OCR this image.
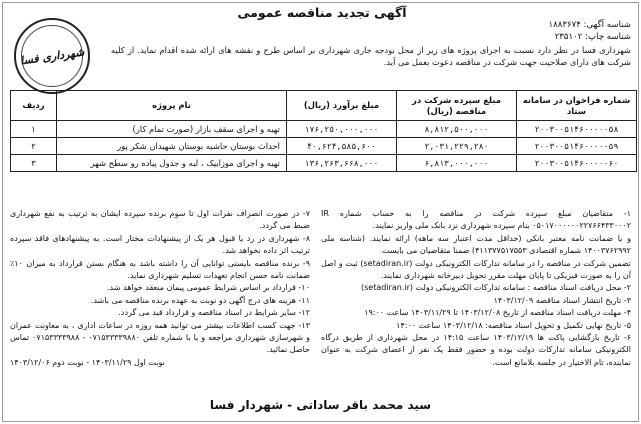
آگهی تجدید مناقصه عمومی
شناسه آگهی: ۱۸۸۳۶۷۴
شناسه چاپ: ۲۳۵۱۰۲
شهرداری فسا در نظر دارد نسبت به اجرای پروژه های زیر از محل بودجه جاری شهرداری بر اساس طرح و نقشه های ارائه شده اقدام نماید. از کلیه شرکت های دارای صلاحیت جهت شرکت در مناقصه دعوت بعمل می آید.
شهرداری فسا
شماره فراخوان در سامانه ستاد	مبلغ سپرده شرکت در مناقصه (ریال)	مبلغ برآورد (ریال)	نام پروژه	ردیف
۲۰۰۳۰۰۵۱۴۶۰۰۰۰۰۵۸	۸,۸۱۲,۵۰۰,۰۰۰	۱۷۶,۲۵۰,۰۰۰,۰۰۰	تهیه و اجرای سقف بازار (صورت تمام کار)	۱
۲۰۰۳۰۰۵۱۴۶۰۰۰۰۰۵۹	۲,۰۳۱,۲۲۹,۲۸۰	۴۰,۶۲۴,۵۸۵,۶۰۰	احداث بوستان حاشیه بوستان شهیدان شکر پور	۲
۲۰۰۳۰۰۵۱۴۶۰۰۰۰۰۶۰	۶,۸۱۳,۰۰۰,۰۰۰	۱۳۶,۲۶۳,۶۶۸,۰۰۰	تهیه و اجرای موزاییک ، لبه و جدول پیاده رو سطح شهر	۳

۱- متقاضیان مبلغ سپرده شرکت در مناقصه را به حساب شماره IR ۰۵۰۱۷۰۰۰۰۰۰۲۲۷۶۶۴۳۳۰۰۰۲ بنام سپرده شهرداری نزد بانک ملی واریز نمایند.

و یا ضمانت نامه معتبر بانکی (حداقل مدت اعتبار سه ماهه) ارائه نمایند. (شناسه ملی ۱۴۰۰۳۷۶۲۹۹۲ شماره اقتصادی ۴۱۱۳۷۷۵۱۷۵۵۳) ضمنا متقاضیان می بایست

تضمین شرکت در مناقصه را در سامانه تدارکات الکترونیکی دولت (setadiran.ir) ثبت و اصل آن را به صورت فیزیکی تا پایان مهلت مقرر تحویل دبیرخانه شهرداری نمایند.

۲- محل دریافت اسناد مناقصه : سامانه تدارکات الکترونیکی دولت (setadiran.ir)

۳- تاریخ انتشار اسناد مناقصه ۱۴۰۳/۱۲/۰۹

۴- مهلت دریافت اسناد مناقصه از تاریخ ۱۴۰۳/۱۲/۰۸ تا ۱۴۰۳/۱۱/۲۹ ساعت ۱۹:۰۰

۵- تاریخ نهایی تکمیل و تحویل اسناد مناقصه: ۱۴۰۳/۱۲/۱۸ ساعت ۱۴:۰۰

۶- تاریخ بازگشایی پاکت ها ۱۴۰۳/۱۲/۱۹ ساعت ۱۴:۱۵ در محل شهرداری از طریق درگاه الکترونیکی سامانه تدارکات دولت بوده و حضور فقط یک نفر از اعضای شرکت به عنوان نماینده، تام الاختیار در جلسه بلامانع است.

۷- در صورت انصراف نفرات اول تا سوم برنده سپرده ایشان به ترتیب به نفع شهرداری ضبط می گردد.

۸- شهرداری در رد یا قبول هر یک از پیشنهادات مختار است. به پیشنهادهای فاقد سپرده ترتیب اثر داده نخواهد شد.

۹- برنده مناقصه بایستی توانایی آن را داشته باشد به هنگام بستن قرارداد به میزان ۱۰٪ ضمانت نامه حسن انجام تعهدات تسلیم شهرداری نماید.

۱۰- قرارداد بر اساس شرایط عمومی پیمان منعقد خواهد شد.

۱۱- هزینه های درج آگهی دو نوبت به عهده برنده مناقصه می باشد.

۱۲- سایر شرایط در اسناد مناقصه و قرارداد قید می گردد.

۱۳- جهت کسب اطلاعات بیشتر می توانید همه روزه در ساعات اداری ، به معاونت عمران و شهرسازی شهرداری مراجعه و یا با شماره تلفن ۰۷۱۵۳۳۳۳۹۸۸۰ - ۰۷۱۵۳۳۳۳۹۸۸ تماس حاصل نمائید.

نوبت اول ۱۴۰۳/۱۱/۲۹ - نوبت دوم ۱۴۰۳/۱۲/۰۶

سید محمد باقر ساداتی - شهردار فسا
